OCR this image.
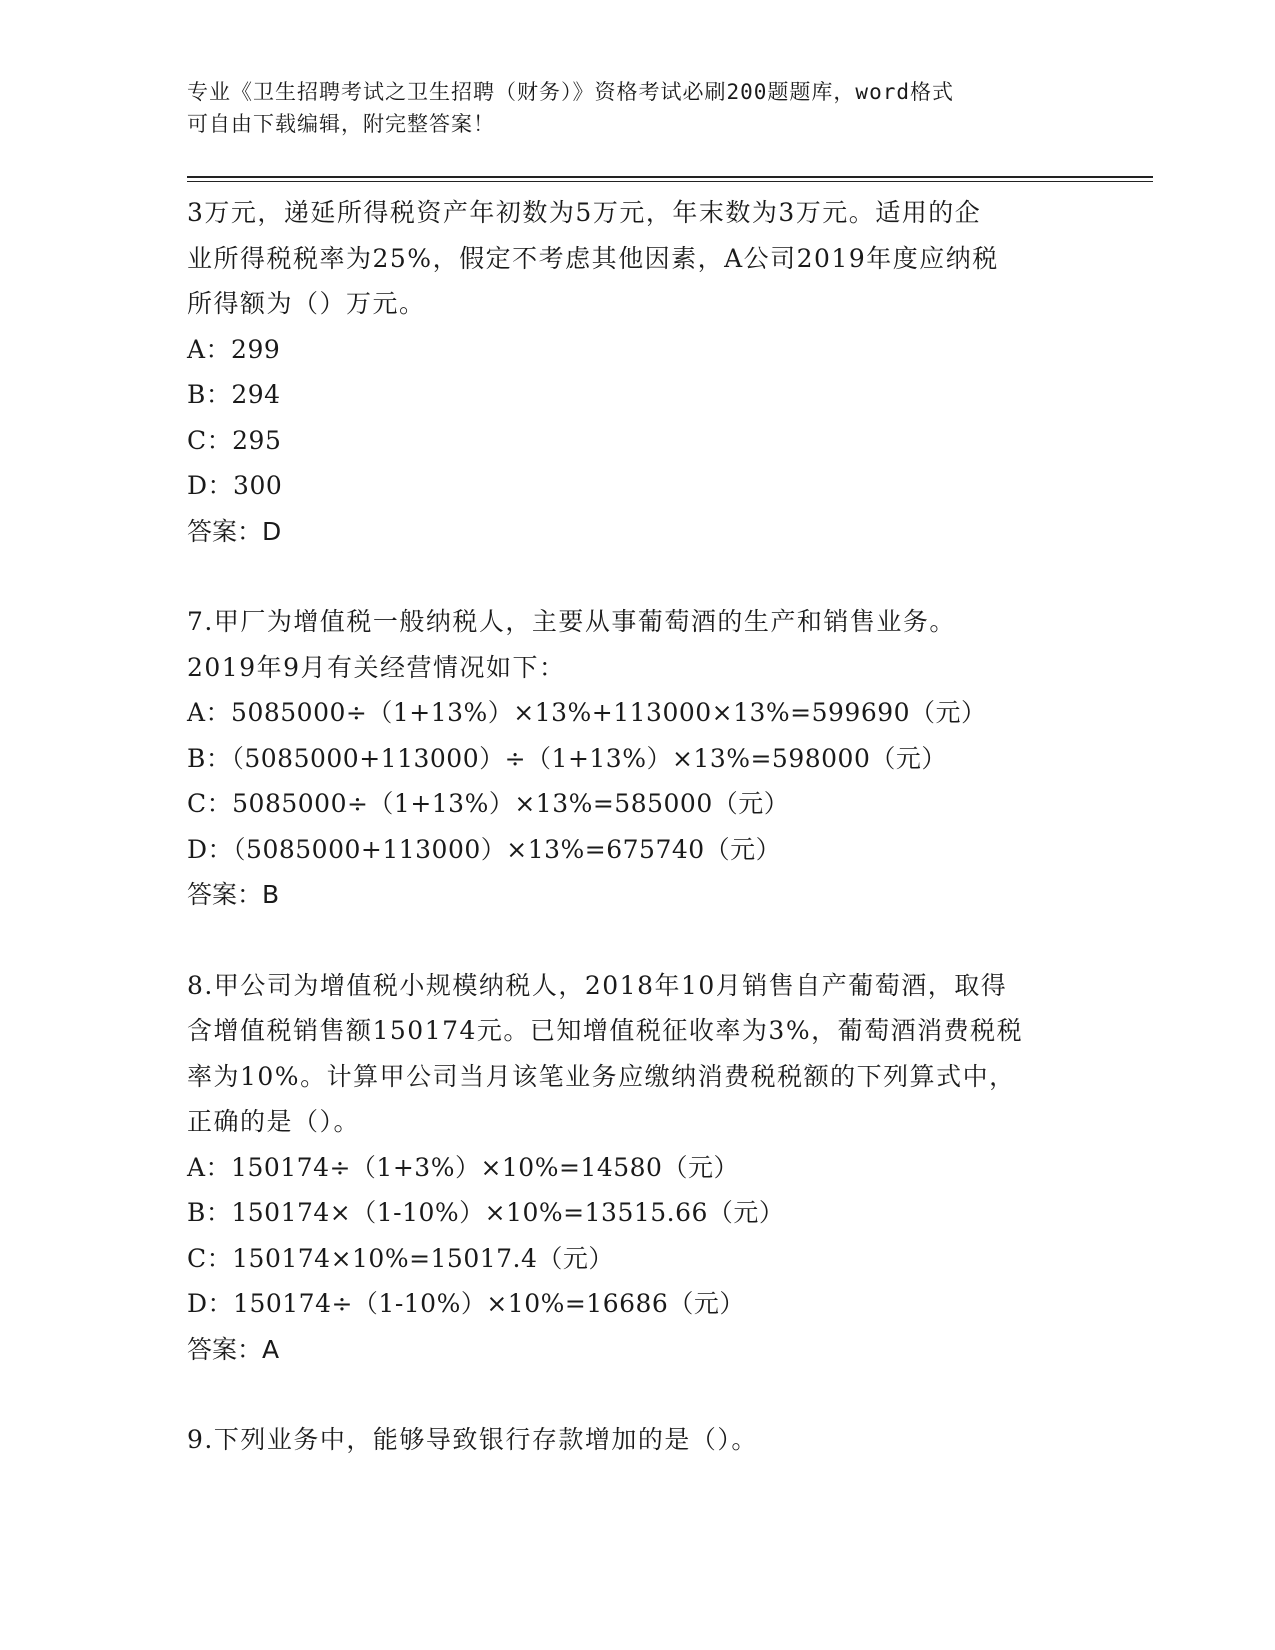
专业《卫生招聘考试之卫生招聘（财务）》资格考试必刷200题题库，word格式
可自由下载编辑，附完整答案！

3万元，递延所得税资产年初数为5万元，年末数为3万元。适用的企

业所得税税率为25%，假定不考虑其他因素，A公司2019年度应纳税

所得额为（）万元。

A：299

B：294

C：295

D：300

答案：D

7.甲厂为增值税一般纳税人，主要从事葡萄酒的生产和销售业务。

2019年9月有关经营情况如下：

A：5085000÷（1+13%）×13%+113000×13%=599690（元）

B：（5085000+113000）÷（1+13%）×13%=598000（元）

C：5085000÷（1+13%）×13%=585000（元）

D：（5085000+113000）×13%=675740（元）

答案：B

8.甲公司为增值税小规模纳税人，2018年10月销售自产葡萄酒，取得

含增值税销售额150174元。已知增值税征收率为3%，葡萄酒消费税税

率为10%。计算甲公司当月该笔业务应缴纳消费税税额的下列算式中，

正确的是（）。

A：150174÷（1+3%）×10%=14580（元）

B：150174×（1-10%）×10%=13515.66（元）

C：150174×10%=15017.4（元）

D：150174÷（1-10%）×10%=16686（元）

答案：A

9.下列业务中，能够导致银行存款增加的是（）。
